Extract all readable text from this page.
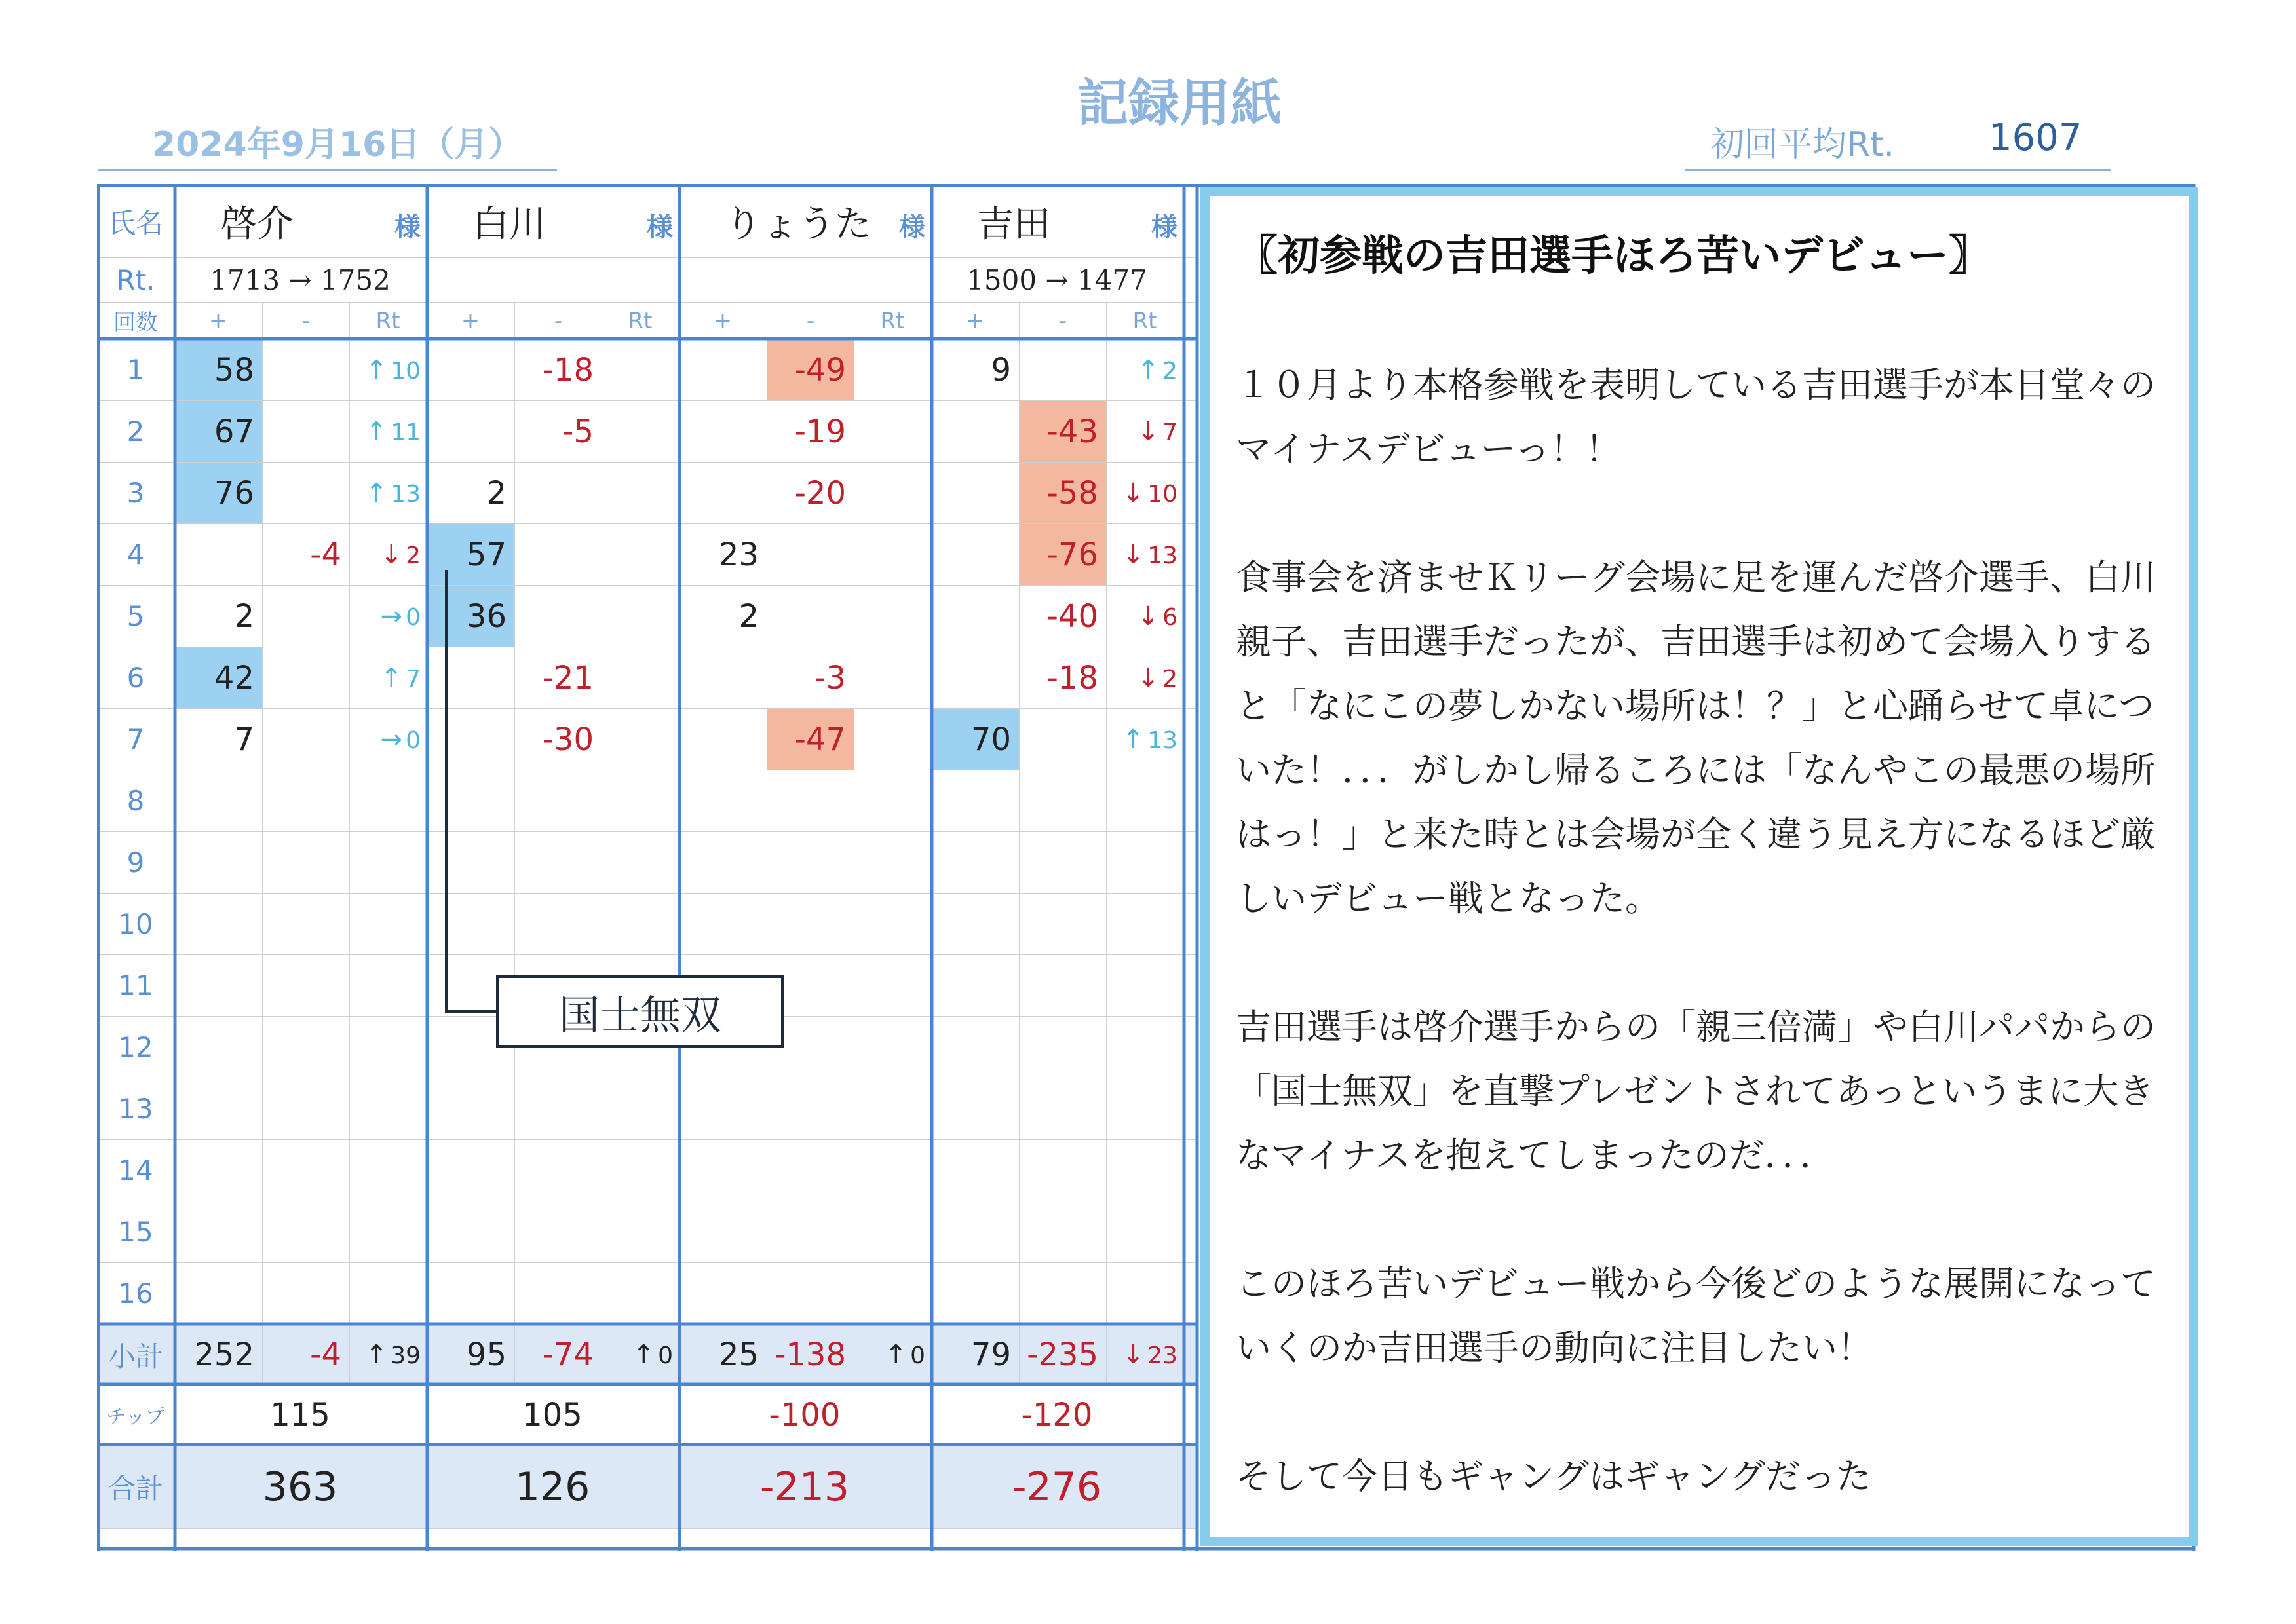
記録用紙
2024年9月16日（月）	初回平均Rt.	1607
氏名	啓介 様			白川 様			りょうた 様			吉田 様			

Rt.	1713 → 1752									1500 → 1477			
回数	+	-	Rt	+	-	Rt	+	-	Rt	+	-	Rt	
1	58		↑ 10		-18			-49		9		↑ 2	
2	67		↑ 11		-5			-19			-43	↓ 7	
3	76		↑ 13	2				-20			-58	↓ 10	
4		-4	↓ 2	57			23				-76	↓ 13	
5	2		→ 0	36			2				-40	↓ 6	
6	42		↑ 7		-21			-3			-18	↓ 2	
7	7		→ 0		-30			-47		70		↑ 13	
8													
9													
10													
11													
12													
13													
14													
15													
16													
小計	252	-4	↑ 39	95	-74	↑ 0	25	-138	↑ 0	79	-235	↓ 23	
チップ	115			105			-100			-120			
合計	363			126			-213			-276			
国士無双
〖初参戦の吉田選手ほろ苦いデビュー〗

１０月より本格参戦を表明している吉田選手が本日堂々のマイナスデビューっ！！

食事会を済ませＫリーグ会場に足を運んだ啓介選手、白川親子、吉田選手だったが、吉田選手は初めて会場入りすると「なにこの夢しかない場所は！？」と心踊らせて卓についた！．．．がしかし帰るころには「なんやこの最悪の場所はっ！」と来た時とは会場が全く違う見え方になるほど厳しいデビュー戦となった。

吉田選手は啓介選手からの「親三倍満」や白川パパからの「国士無双」を直撃プレゼントされてあっというまに大きなマイナスを抱えてしまったのだ．．．

このほろ苦いデビュー戦から今後どのような展開になっていくのか吉田選手の動向に注目したい！

そして今日もギャングはギャングだった
